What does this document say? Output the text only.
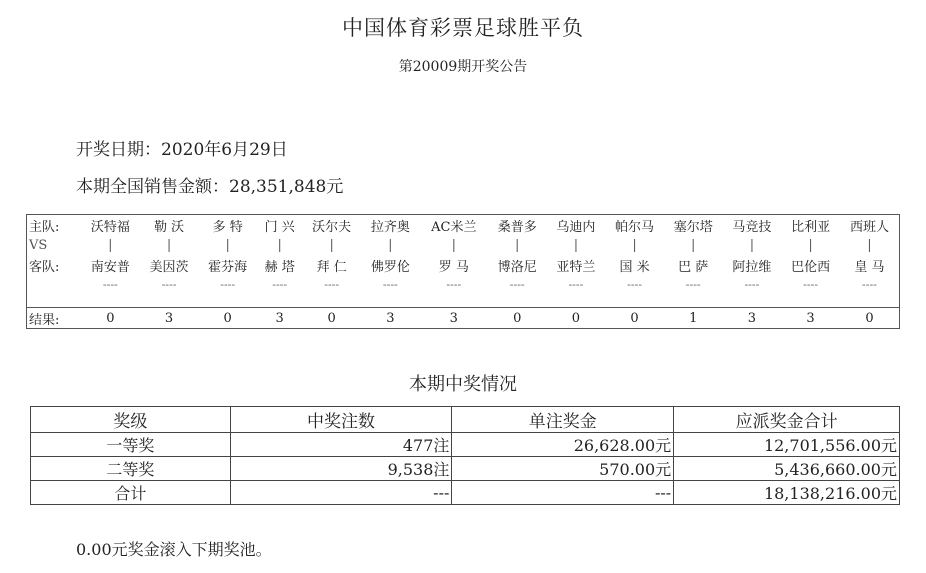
中国体育彩票足球胜平负
第20009期开奖公告
开奖日期：2020年6月29日
本期全国销售金额：28,351,848元
主队:	沃特福	勒 沃	多 特	门 兴	沃尔夫	拉齐奥	AC米兰	桑普多	乌迪内	帕尔马	塞尔塔	马竞技	比利亚	西班人
VS	|	|	|	|	|	|	|	|	|	|	|	|	|	|
客队:	南安普	美因茨	霍芬海	赫 塔	拜 仁	佛罗伦	罗 马	博洛尼	亚特兰	国 米	巴 萨	阿拉维	巴伦西	皇 马
	----	----	----	----	----	----	----	----	----	----	----	----	----	----

结果:	0	3	0	3	0	3	3	0	0	0	1	3	3	0
本期中奖情况
奖级	中奖注数	单注奖金	应派奖金合计
一等奖	477注	26,628.00元	12,701,556.00元
二等奖	9,538注	570.00元	5,436,660.00元
合计	---	---	18,138,216.00元
0.00元奖金滚入下期奖池。
